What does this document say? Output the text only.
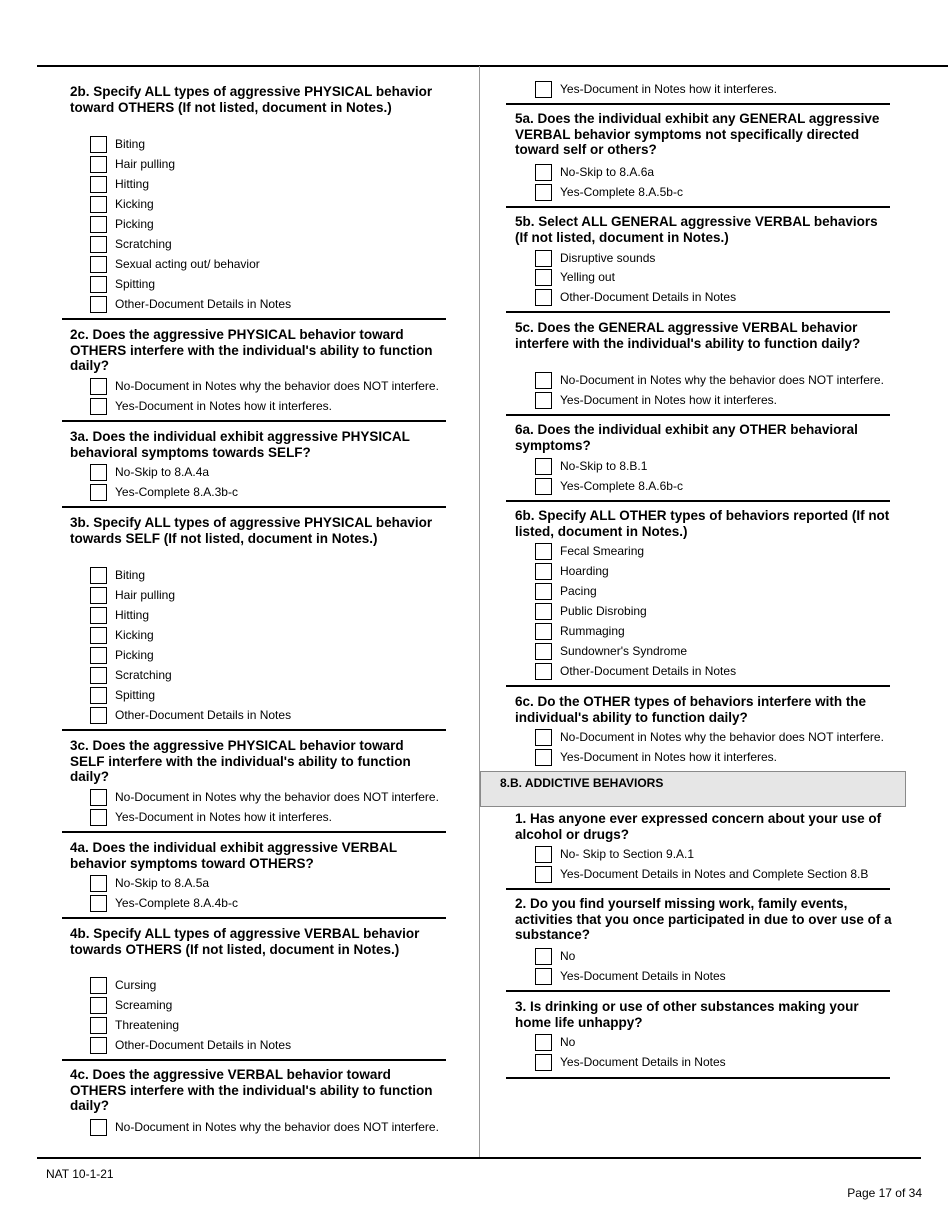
2b. Specify ALL types of aggressive PHYSICAL behavior toward OTHERS (If not listed, document in Notes.)
Biting
Hair pulling
Hitting
Kicking
Picking
Scratching
Sexual acting out/ behavior
Spitting
Other-Document Details in Notes
2c. Does the aggressive PHYSICAL behavior toward OTHERS interfere with the individual's ability to function daily?
No-Document in Notes why the behavior does NOT interfere.
Yes-Document in Notes how it interferes.
3a. Does the individual exhibit aggressive PHYSICAL behavioral symptoms towards SELF?
No-Skip to 8.A.4a
Yes-Complete 8.A.3b-c
3b. Specify ALL types of aggressive PHYSICAL behavior towards SELF (If not listed, document in Notes.)
Biting
Hair pulling
Hitting
Kicking
Picking
Scratching
Spitting
Other-Document Details in Notes
3c. Does the aggressive PHYSICAL behavior toward SELF interfere with the individual's ability to function daily?
No-Document in Notes why the behavior does NOT interfere.
Yes-Document in Notes how it interferes.
4a. Does the individual exhibit aggressive VERBAL behavior symptoms toward OTHERS?
No-Skip to 8.A.5a
Yes-Complete 8.A.4b-c
4b. Specify ALL types of aggressive VERBAL behavior towards OTHERS (If not listed, document in Notes.)
Cursing
Screaming
Threatening
Other-Document Details in Notes
4c. Does the aggressive VERBAL behavior toward OTHERS interfere with the individual's ability to function daily?
No-Document in Notes why the behavior does NOT interfere.
Yes-Document in Notes how it interferes.
5a. Does the individual exhibit any GENERAL aggressive VERBAL behavior symptoms not specifically directed toward self or others?
No-Skip to 8.A.6a
Yes-Complete 8.A.5b-c
5b. Select ALL GENERAL aggressive VERBAL behaviors (If not listed, document in Notes.)
Disruptive sounds
Yelling out
Other-Document Details in Notes
5c. Does the GENERAL aggressive VERBAL behavior interfere with the individual's ability to function daily?
No-Document in Notes why the behavior does NOT interfere.
Yes-Document in Notes how it interferes.
6a. Does the individual exhibit any OTHER behavioral symptoms?
No-Skip to 8.B.1
Yes-Complete 8.A.6b-c
6b. Specify ALL OTHER types of behaviors reported (If not listed, document in Notes.)
Fecal Smearing
Hoarding
Pacing
Public Disrobing
Rummaging
Sundowner's Syndrome
Other-Document Details in Notes
6c. Do the OTHER types of behaviors interfere with the individual's ability to function daily?
No-Document in Notes why the behavior does NOT interfere.
Yes-Document in Notes how it interferes.
8.B. ADDICTIVE BEHAVIORS
1. Has anyone ever expressed concern about your use of alcohol or drugs?
No- Skip to Section 9.A.1
Yes-Document Details in Notes and Complete Section 8.B
2. Do you find yourself missing work, family events, activities that you once participated in due to over use of a substance?
No
Yes-Document Details in Notes
3. Is drinking or use of other substances making your home life unhappy?
No
Yes-Document Details in Notes
NAT 10-1-21
Page 17 of 34
